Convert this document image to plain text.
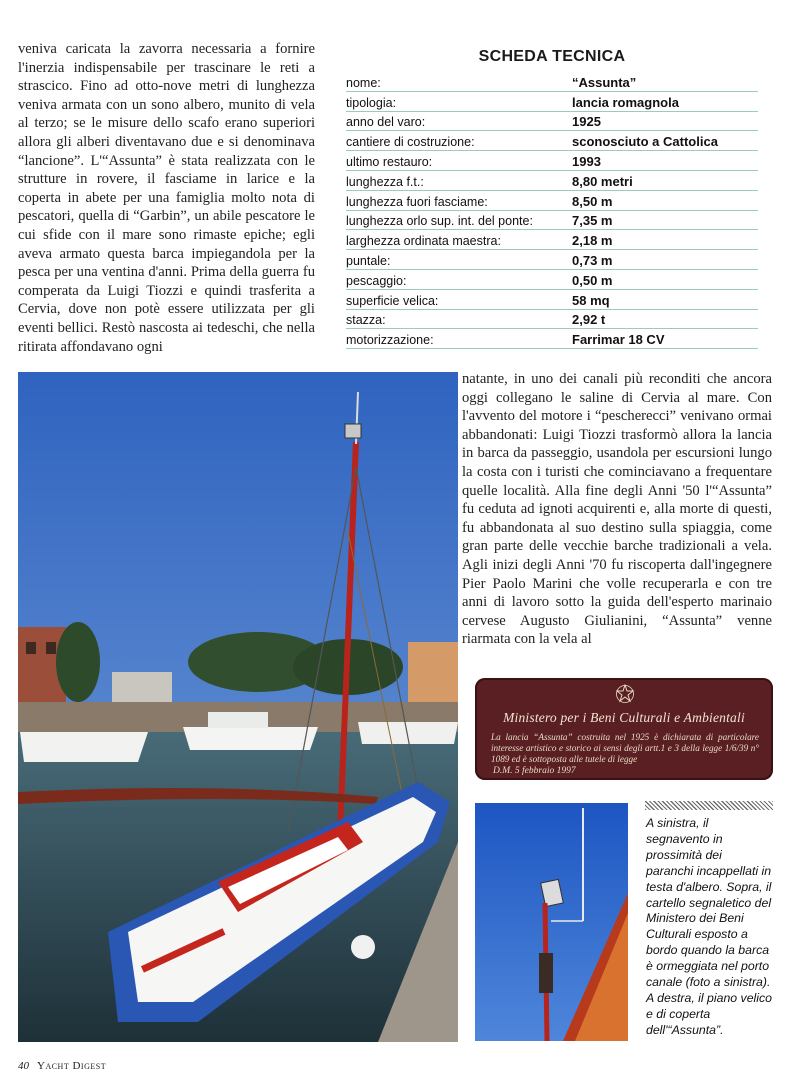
veniva caricata la zavorra necessaria a fornire l'inerzia indispensabile per trascinare le reti a strascico. Fino ad otto-nove metri di lunghezza veniva armata con un sono albero, munito di vela al terzo; se le misure dello scafo erano superiori allora gli alberi diventavano due e si denominava “lancione”. L'“Assunta” è stata realizzata con le strutture in rovere, il fasciame in larice e la coperta in abete per una famiglia molto nota di pescatori, quella di “Garbin”, un abile pescatore le cui sfide con il mare sono rimaste epiche; egli aveva armato questa barca impiegandola per la pesca per una ventina d'anni. Prima della guerra fu comperata da Luigi Tiozzi e quindi trasferita a Cervia, dove non potè essere utilizzata per gli eventi bellici. Restò nascosta ai tedeschi, che nella ritirata affondavano ogni

SCHEDA TECNICA
nome:	“Assunta”
tipologia:	lancia romagnola
anno del varo:	1925
cantiere di costruzione:	sconosciuto a Cattolica
ultimo restauro:	1993
lunghezza f.t.:	8,80 metri
lunghezza fuori fasciame:	8,50 m
lunghezza orlo sup. int. del ponte:	7,35 m
larghezza ordinata maestra:	2,18 m
puntale:	0,73 m
pescaggio:	0,50 m
superficie velica:	58 mq
stazza:	2,92 t
motorizzazione:	Farrimar 18 CV

natante, in uno dei canali più reconditi che ancora oggi collegano le saline di Cervia al mare. Con l'avvento del motore i “pescherecci” venivano ormai abbandonati: Luigi Tiozzi trasformò allora la lancia in barca da passeggio, usandola per escursioni lungo la costa con i turisti che cominciavano a frequentare quelle località. Alla fine degli Anni '50 l'“Assunta” fu ceduta ad ignoti acquirenti e, alla morte di questi, fu abbandonata al suo destino sulla spiaggia, come gran parte delle vecchie barche tradizionali a vela. Agli inizi degli Anni '70 fu riscoperta dall'ingegnere Pier Paolo Marini che volle recuperarla e con tre anni di lavoro sotto la guida dell'esperto marinaio cervese Augusto Giulianini, “Assunta” venne riarmata con la vela al

Ministero per i Beni Culturali e Ambientali
La lancia “Assunta” costruita nel 1925 è dichiarata di particolare interesse artistico e storico ai sensi degli artt.1 e 3 della legge 1/6/39 n° 1089 ed è sottoposta alle tutele di legge
D.M. 5 febbraio 1997

A sinistra, il segnavento in prossimità dei paranchi incappellati in testa d'albero. Sopra, il cartello segnaletico del Ministero dei Beni Culturali esposto a bordo quando la barca è ormeggiata nel porto canale (foto a sinistra). A destra, il piano velico e di coperta dell'“Assunta”.

40 Yacht Digest
